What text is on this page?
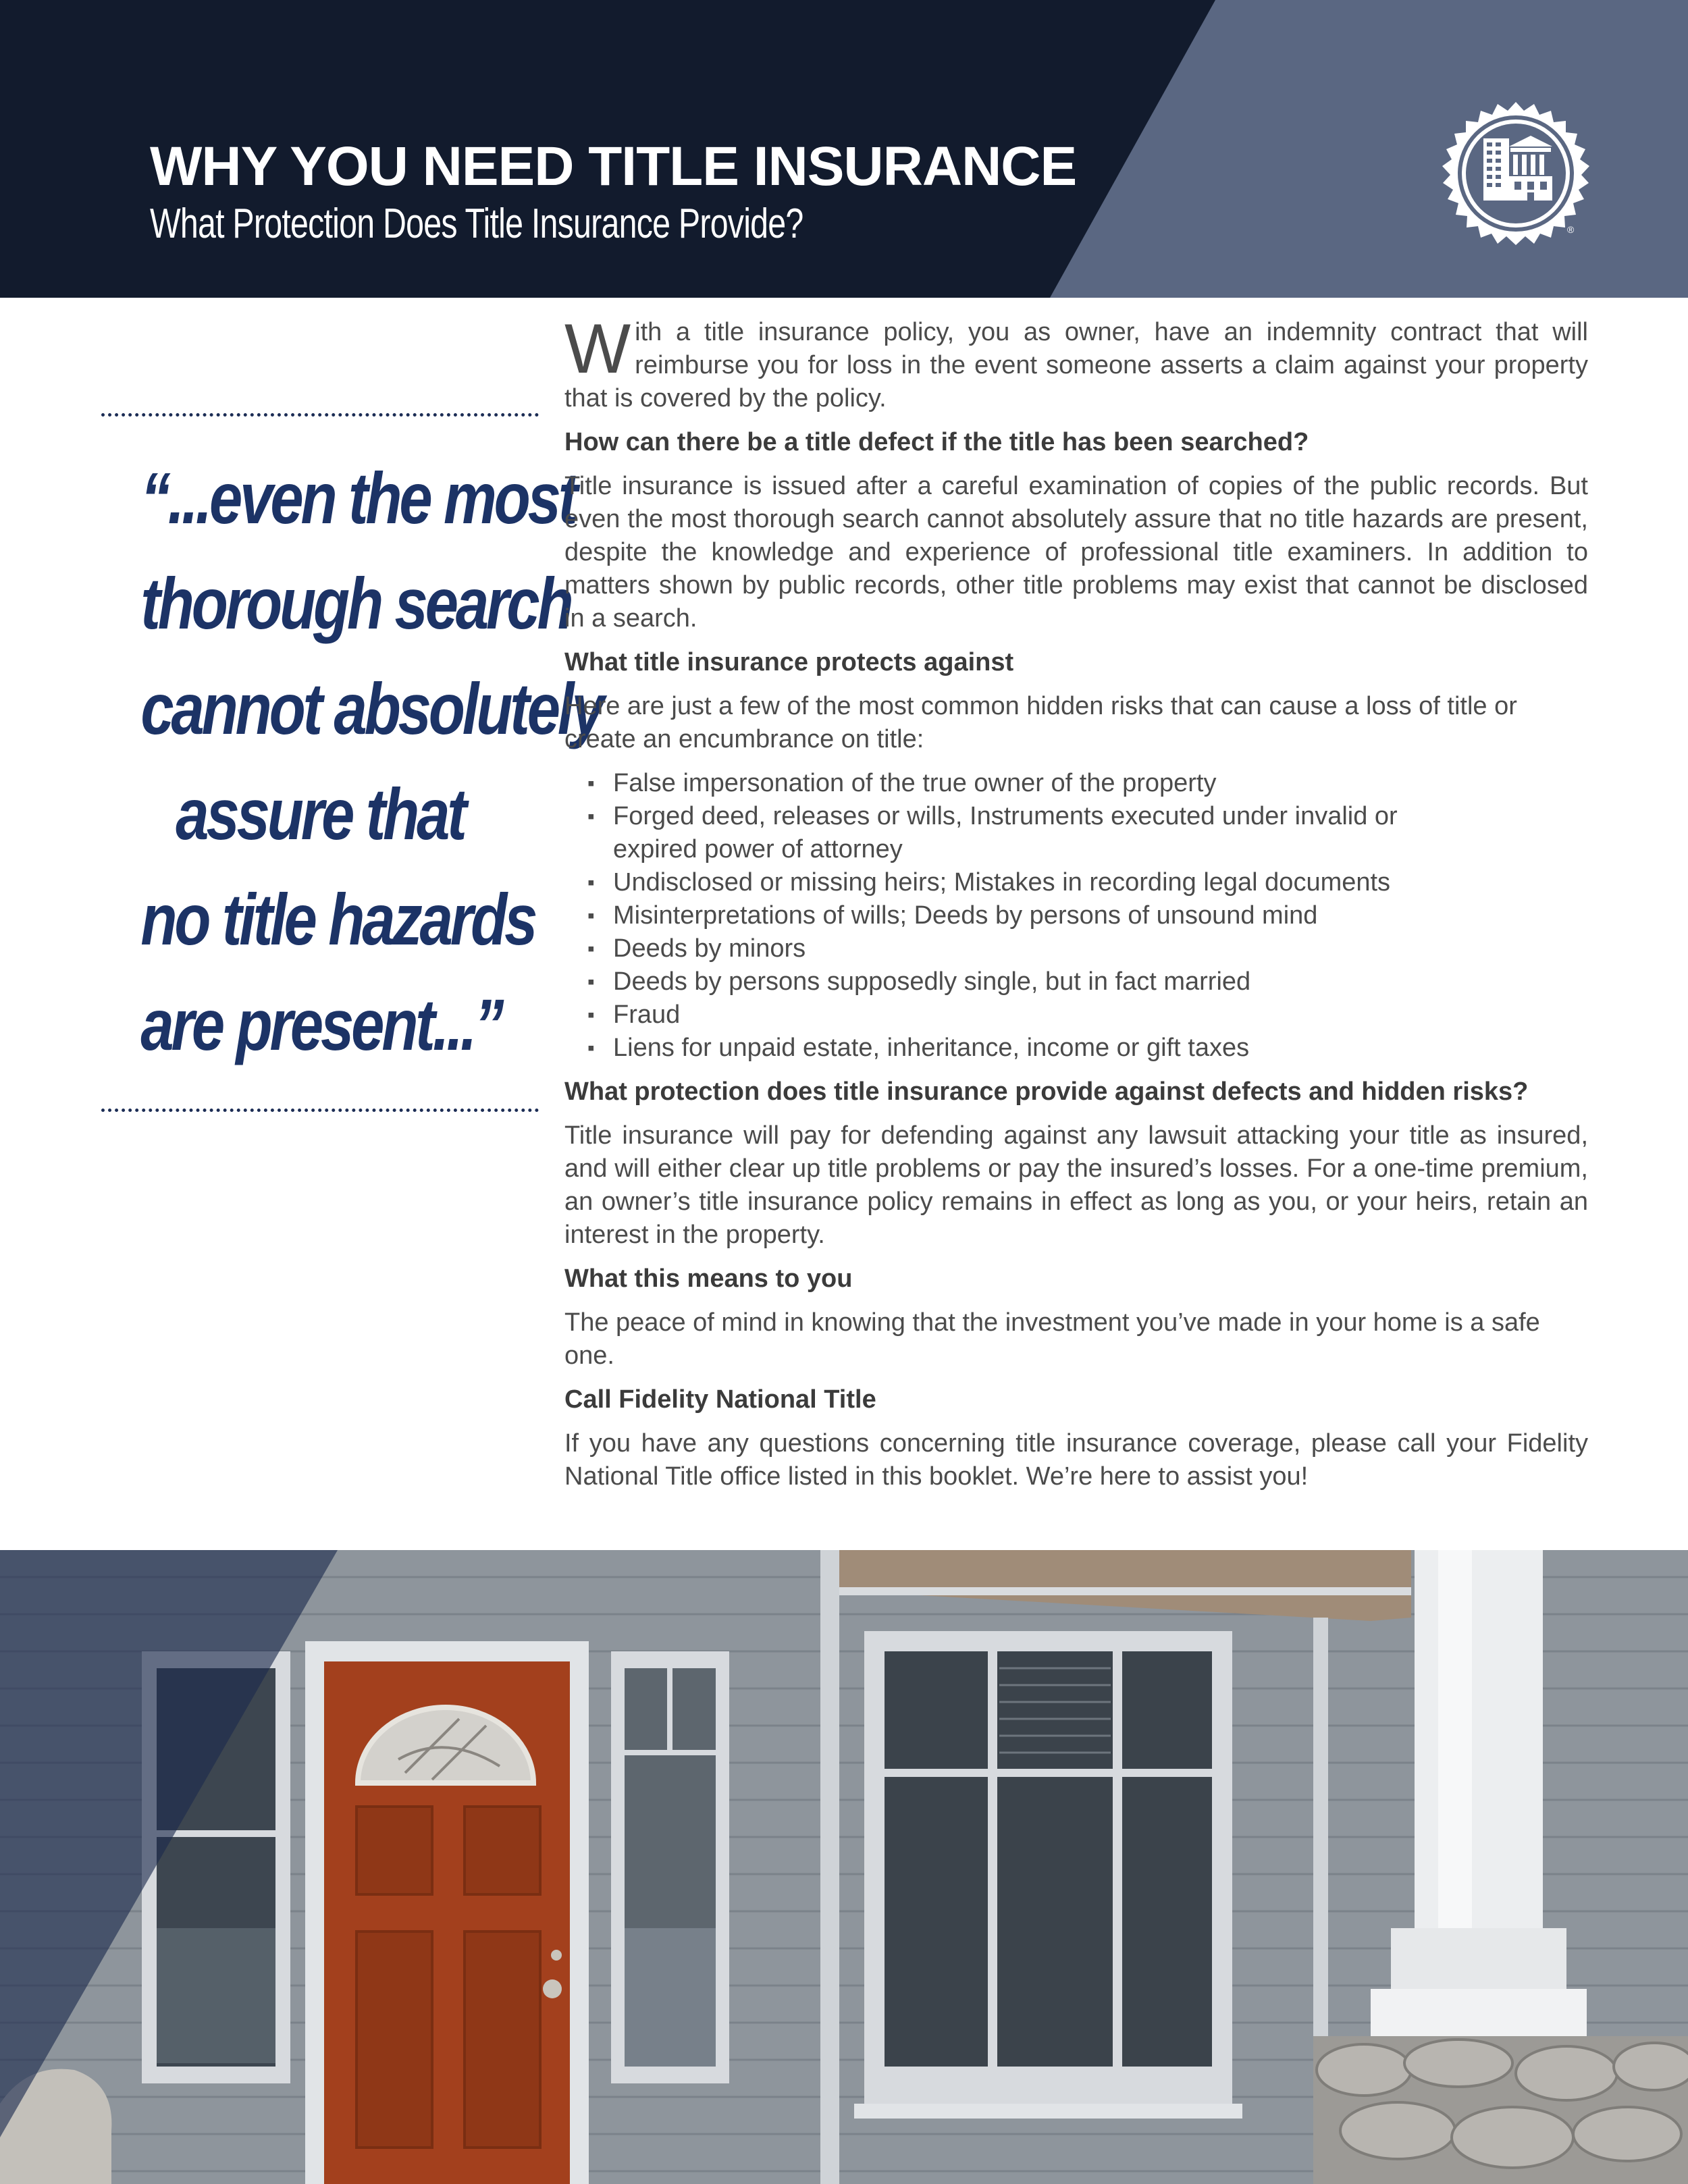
WHY YOU NEED TITLE INSURANCE

What Protection Does Title Insurance Provide?	®
“...even the most
thorough search
cannot absolutely
assure that
no title hazards
are present...”

With a title insurance policy, you as owner, have an indemnity contract that will reimburse you for loss in the event someone asserts a claim against your property that is covered by the policy.

How can there be a title defect if the title has been searched?

Title insurance is issued after a careful examination of copies of the public records. But even the most thorough search cannot absolutely assure that no title hazards are present, despite the knowledge and experience of professional title examiners. In addition to matters shown by public records, other title problems may exist that cannot be disclosed in a search.

What title insurance protects against

Here are just a few of the most common hidden risks that can cause a loss of title or create an encumbrance on title:

▪ False impersonation of the true owner of the property
▪ Forged deed, releases or wills, Instruments executed under invalid or expired power of attorney
▪ Undisclosed or missing heirs; Mistakes in recording legal documents
▪ Misinterpretations of wills; Deeds by persons of unsound mind
▪ Deeds by minors
▪ Deeds by persons supposedly single, but in fact married
▪ Fraud
▪ Liens for unpaid estate, inheritance, income or gift taxes

What protection does title insurance provide against defects and hidden risks?

Title insurance will pay for defending against any lawsuit attacking your title as insured, and will either clear up title problems or pay the insured’s losses. For a one-time premium, an owner’s title insurance policy remains in effect as long as you, or your heirs, retain an interest in the property.

What this means to you

The peace of mind in knowing that the investment you’ve made in your home is a safe one.

Call Fidelity National Title

If you have any questions concerning title insurance coverage, please call your Fidelity National Title office listed in this booklet. We’re here to assist you!
